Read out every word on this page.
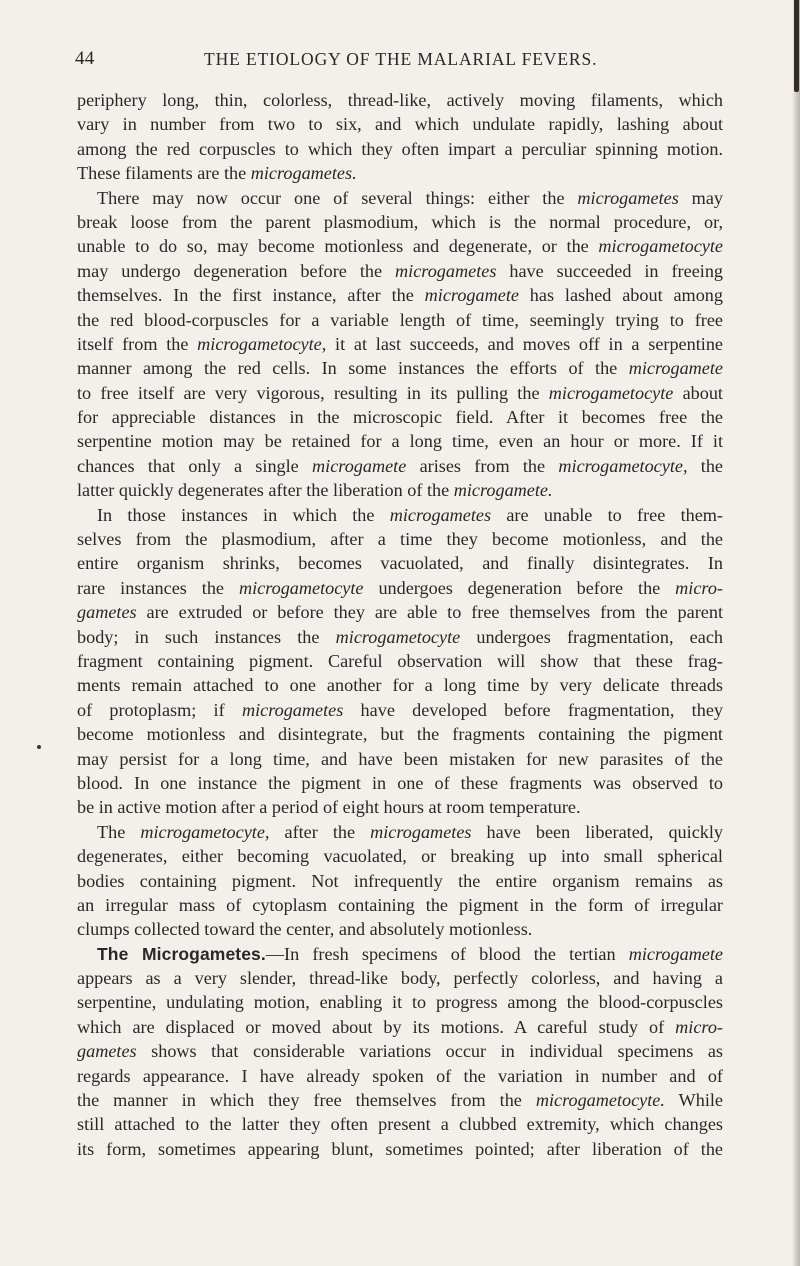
44	THE ETIOLOGY OF THE MALARIAL FEVERS.
periphery long, thin, colorless, thread-like, actively moving filaments, which
vary in number from two to six, and which undulate rapidly, lashing about
among the red corpuscles to which they often impart a perculiar spinning motion.
These filaments are the microgametes.
There may now occur one of several things: either the microgametes may
break loose from the parent plasmodium, which is the normal procedure, or,
unable to do so, may become motionless and degenerate, or the microgametocyte
may undergo degeneration before the microgametes have succeeded in freeing
themselves. In the first instance, after the microgamete has lashed about among
the red blood-corpuscles for a variable length of time, seemingly trying to free
itself from the microgametocyte, it at last succeeds, and moves off in a serpentine
manner among the red cells. In some instances the efforts of the microgamete
to free itself are very vigorous, resulting in its pulling the microgametocyte about
for appreciable distances in the microscopic field. After it becomes free the
serpentine motion may be retained for a long time, even an hour or more. If it
chances that only a single microgamete arises from the microgametocyte, the
latter quickly degenerates after the liberation of the microgamete.
In those instances in which the microgametes are unable to free them-
selves from the plasmodium, after a time they become motionless, and the
entire organism shrinks, becomes vacuolated, and finally disintegrates. In
rare instances the microgametocyte undergoes degeneration before the micro-
gametes are extruded or before they are able to free themselves from the parent
body; in such instances the microgametocyte undergoes fragmentation, each
fragment containing pigment. Careful observation will show that these frag-
ments remain attached to one another for a long time by very delicate threads
of protoplasm; if microgametes have developed before fragmentation, they
become motionless and disintegrate, but the fragments containing the pigment
may persist for a long time, and have been mistaken for new parasites of the
blood. In one instance the pigment in one of these fragments was observed to
be in active motion after a period of eight hours at room temperature.
The microgametocyte, after the microgametes have been liberated, quickly
degenerates, either becoming vacuolated, or breaking up into small spherical
bodies containing pigment. Not infrequently the entire organism remains as
an irregular mass of cytoplasm containing the pigment in the form of irregular
clumps collected toward the center, and absolutely motionless.
The Microgametes.—In fresh specimens of blood the tertian microgamete
appears as a very slender, thread-like body, perfectly colorless, and having a
serpentine, undulating motion, enabling it to progress among the blood-corpuscles
which are displaced or moved about by its motions. A careful study of micro-
gametes shows that considerable variations occur in individual specimens as
regards appearance. I have already spoken of the variation in number and of
the manner in which they free themselves from the microgametocyte. While
still attached to the latter they often present a clubbed extremity, which changes
its form, sometimes appearing blunt, sometimes pointed; after liberation of the
